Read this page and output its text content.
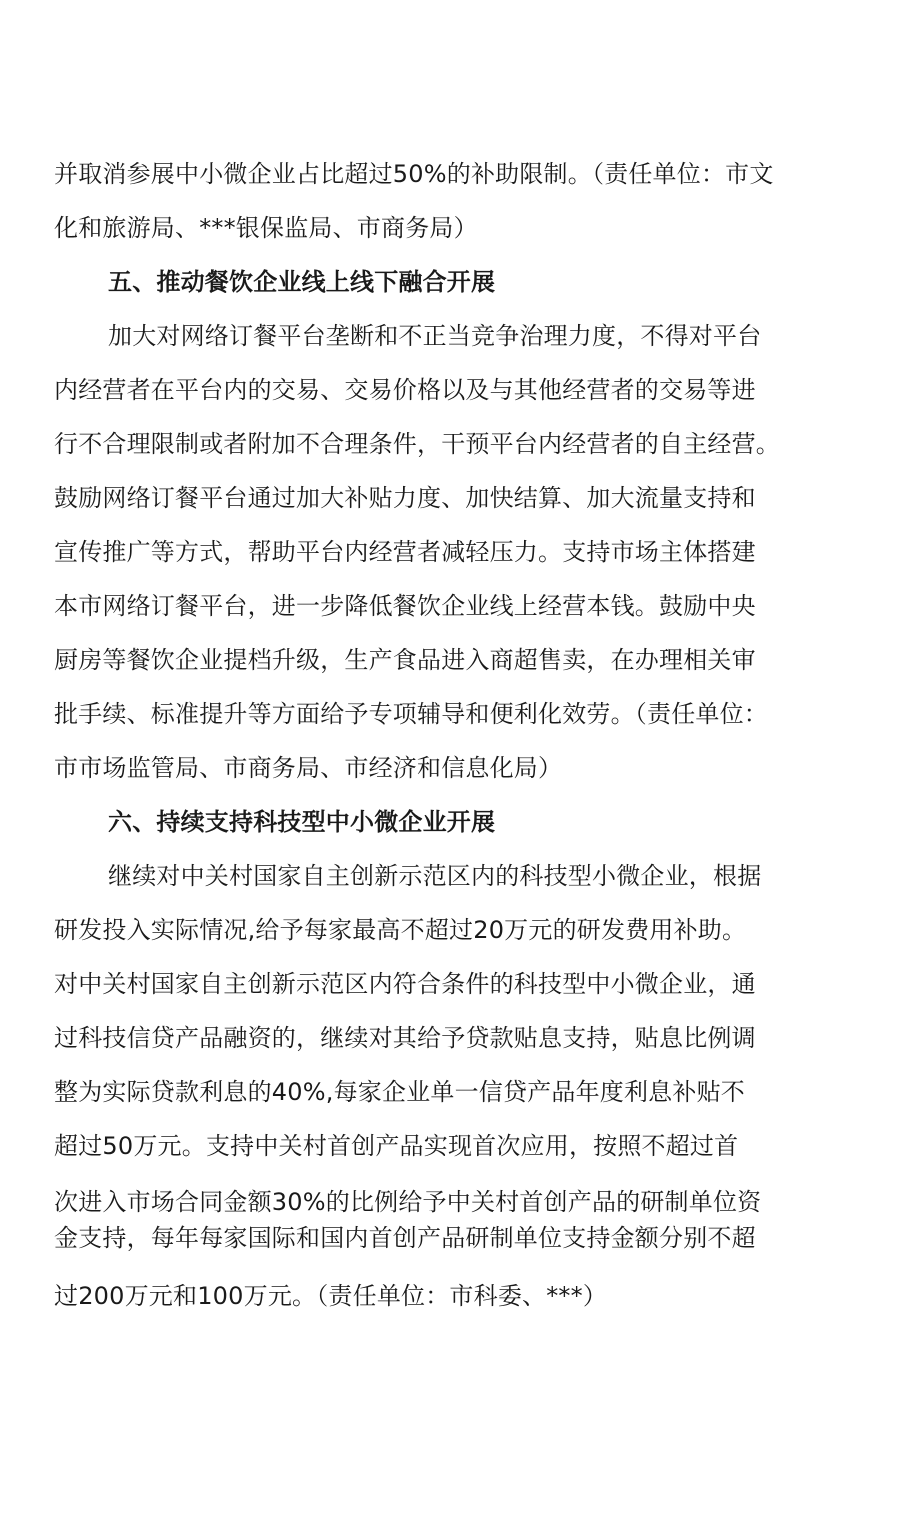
并取消参展中小微企业占比超过50%的补助限制。（责任单位：市文
化和旅游局、***银保监局、市商务局）
五、推动餐饮企业线上线下融合开展
加大对网络订餐平台垄断和不正当竞争治理力度，不得对平台
内经营者在平台内的交易、交易价格以及与其他经营者的交易等进
行不合理限制或者附加不合理条件，干预平台内经营者的自主经营。
鼓励网络订餐平台通过加大补贴力度、加快结算、加大流量支持和
宣传推广等方式，帮助平台内经营者减轻压力。支持市场主体搭建
本市网络订餐平台，进一步降低餐饮企业线上经营本钱。鼓励中央
厨房等餐饮企业提档升级，生产食品进入商超售卖，在办理相关审
批手续、标准提升等方面给予专项辅导和便利化效劳。（责任单位：
市市场监管局、市商务局、市经济和信息化局）
六、持续支持科技型中小微企业开展
继续对中关村国家自主创新示范区内的科技型小微企业，根据
研发投入实际情况,给予每家最高不超过20万元的研发费用补助。
对中关村国家自主创新示范区内符合条件的科技型中小微企业，通
过科技信贷产品融资的，继续对其给予贷款贴息支持，贴息比例调
整为实际贷款利息的40%,每家企业单一信贷产品年度利息补贴不
超过50万元。支持中关村首创产品实现首次应用，按照不超过首
次进入市场合同金额30%的比例给予中关村首创产品的研制单位资
金支持，每年每家国际和国内首创产品研制单位支持金额分别不超
过200万元和100万元。（责任单位：市科委、***）
